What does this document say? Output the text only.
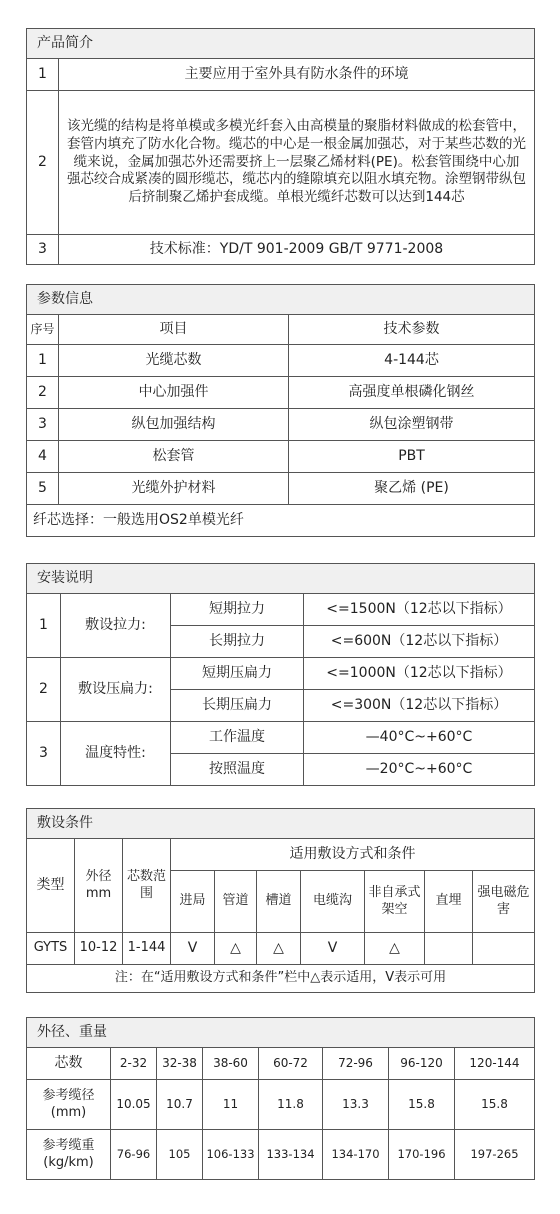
产品简介	
1	主要应用于室外具有防水条件的环境
2	该光缆的结构是将单模或多模光纤套入由高模量的聚脂材料做成的松套管中，套管内填充了防水化合物。缆芯的中心是一根金属加强芯，对于某些芯数的光缆来说，金属加强芯外还需要挤上一层聚乙烯材料(PE)。松套管围绕中心加强芯绞合成紧凑的圆形缆芯，缆芯内的缝隙填充以阻水填充物。涂塑钢带纵包后挤制聚乙烯护套成缆。单根光缆纤芯数可以达到144芯
3	技术标准：YD/T 901-2009 GB/T 9771-2008
参数信息		
序号	项目	技术参数
1	光缆芯数	4-144芯
2	中心加强件	高强度单根磷化钢丝
3	纵包加强结构	纵包涂塑钢带
4	松套管	PBT
5	光缆外护材料	聚乙烯 (PE)
纤芯选择：一般选用OS2单模光纤		
安装说明			
1	敷设拉力:	短期拉力	<=1500N（12芯以下指标）
		长期拉力	<=600N（12芯以下指标）
2	敷设压扁力:	短期压扁力	<=1000N（12芯以下指标）
		长期压扁力	<=300N（12芯以下指标）
3	温度特性:	工作温度	—40°C~+60°C
		按照温度	—20°C~+60°C
敷设条件									
类型	外径mm	芯数范围	适用敷设方式和条件						
			进局	管道	槽道	电缆沟	非自承式架空	直埋	强电磁危害
GYTS	10-12	1-144	V	△	△	V	△		
注：在“适用敷设方式和条件”栏中△表示适用，V表示可用									
外径、重量							
芯数	2-32	32-38	38-60	60-72	72-96	96-120	120-144
参考缆径(mm)	10.05	10.7	11	11.8	13.3	15.8	15.8
参考缆重(kg/km)	76-96	105	106-133	133-134	134-170	170-196	197-265
